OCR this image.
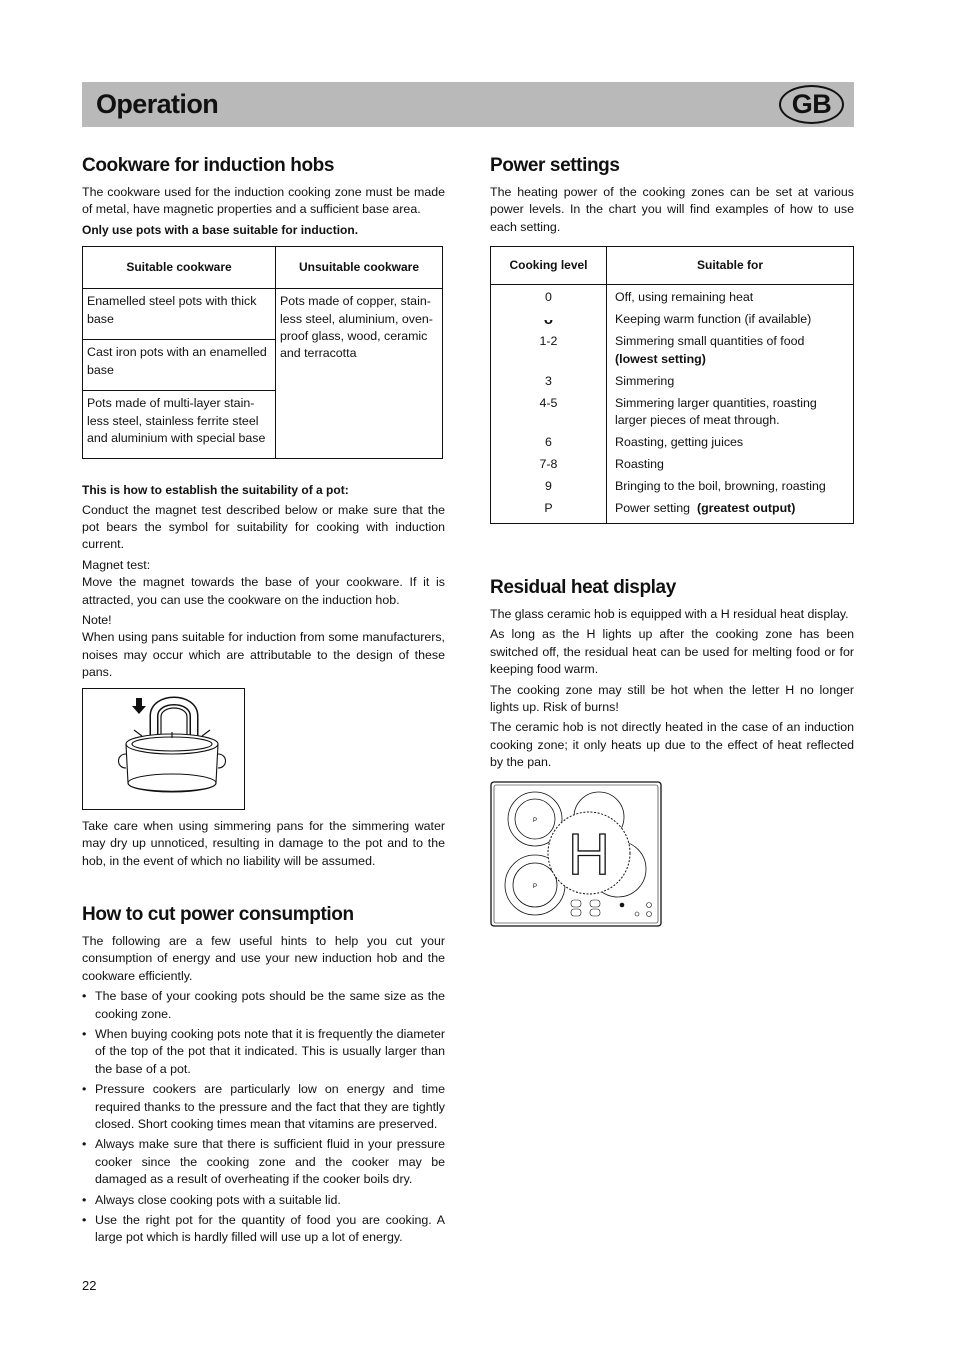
Operation	GB
Cookware for induction hobs

The cookware used for the induction cooking zone must be made of metal, have magnetic properties and a sufficient base area.

Only use pots with a base suitable for induction.

Suitable cookware	Unsuitable cookware
Enamelled steel pots with thick base	Pots made of copper, stain-less steel, aluminium, oven-proof glass, wood, ceramic and terracotta
Cast iron pots with an enamelled base	
Pots made of multi-layer stain-less steel, stainless ferrite steel and aluminium with special base	

This is how to establish the suitability of a pot:

Conduct the magnet test described below or make sure that the pot bears the symbol for suitability for cooking with induction current.

Magnet test:

Move the magnet towards the base of your cookware. If it is attracted, you can use the cookware on the induction hob.

Note!

When using pans suitable for induction from some manufacturers, noises may occur which are attributable to the design of these pans.

Take care when using simmering pans for the simmering water may dry up unnoticed, resulting in damage to the pot and to the hob, in the event of which no liability will be assumed.

How to cut power consumption

The following are a few useful hints to help you cut your consumption of energy and use your new induction hob and the cookware efficiently.

• The base of your cooking pots should be the same size as the cooking zone.
• When buying cooking pots note that it is frequently the diameter of the top of the pot that it indicated. This is usually larger than the base of a pot.
• Pressure cookers are particularly low on energy and time required thanks to the pressure and the fact that they are tightly closed. Short cooking times mean that vitamins are preserved.
• Always make sure that there is sufficient fluid in your pressure cooker since the cooking zone and the cooker may be damaged as a result of overheating if the cooker boils dry.
• Always close cooking pots with a suitable lid.
• Use the right pot for the quantity of food you are cooking. A large pot which is hardly filled will use up a lot of energy.
Power settings

The heating power of the cooking zones can be set at various power levels. In the chart you will find examples of how to use each setting.

Cooking level	Suitable for
0	Off, using remaining heat
ᴗ	Keeping warm function (if available)
1-2	Simmering small quantities of food
(lowest setting)
3	Simmering
4-5	Simmering larger quantities, roasting larger pieces of meat through.
6	Roasting, getting juices
7-8	Roasting
9	Bringing to the boil, browning, roasting
P	Power setting (greatest output)
Residual heat display

The glass ceramic hob is equipped with a H residual heat display.

As long as the H lights up after the cooking zone has been switched off, the residual heat can be used for melting food or for keeping food warm.

The cooking zone may still be hot when the letter H no longer lights up. Risk of burns!

The ceramic hob is not directly heated in the case of an induction cooking zone; it only heats up due to the effect of heat reflected by the pan.

P
P H
22
